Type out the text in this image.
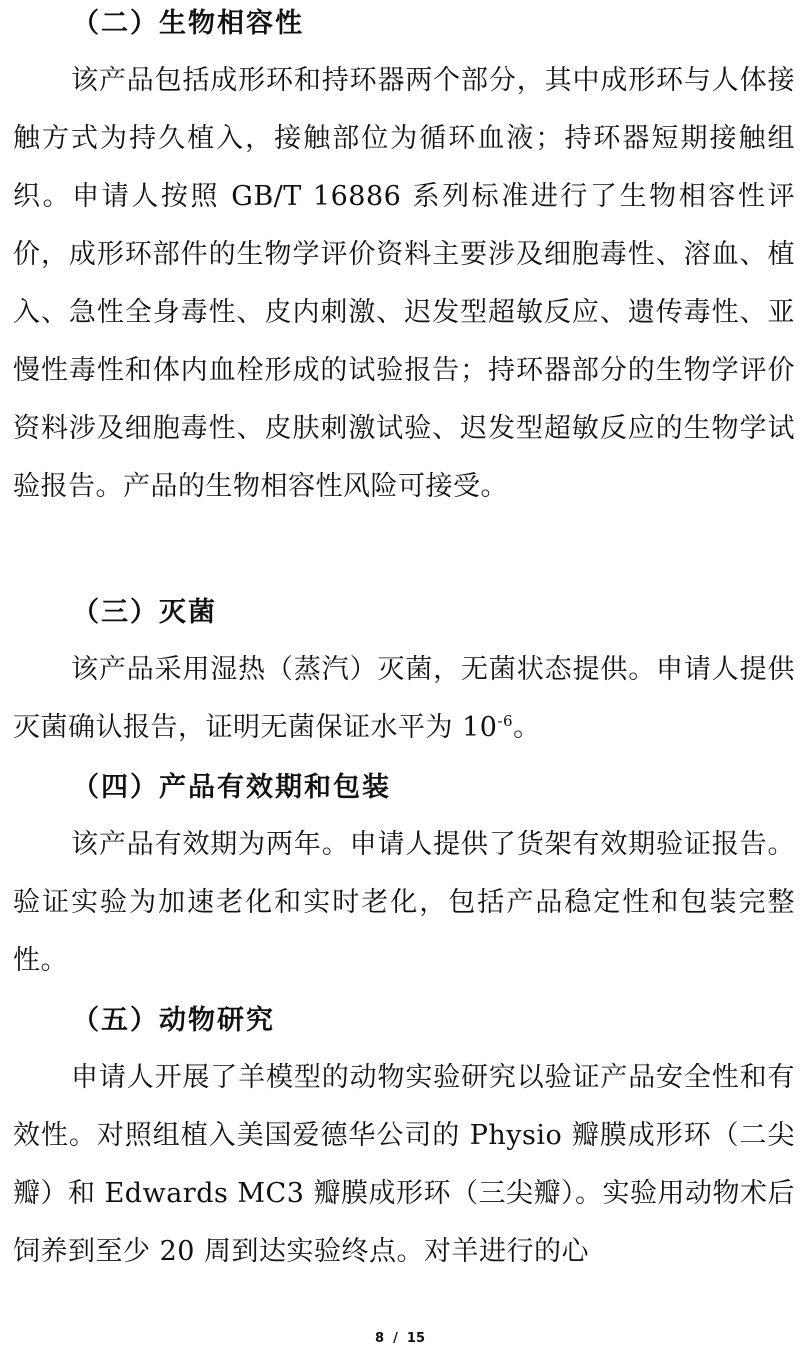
（二）生物相容性

该产品包括成形环和持环器两个部分，其中成形环与人体接触方式为持久植入，接触部位为循环血液；持环器短期接触组织。申请人按照 GB/T 16886 系列标准进行了生物相容性评价，成形环部件的生物学评价资料主要涉及细胞毒性、溶血、植入、急性全身毒性、皮内刺激、迟发型超敏反应、遗传毒性、亚慢性毒性和体内血栓形成的试验报告；持环器部分的生物学评价资料涉及细胞毒性、皮肤刺激试验、迟发型超敏反应的生物学试验报告。产品的生物相容性风险可接受。

（三）灭菌

该产品采用湿热（蒸汽）灭菌，无菌状态提供。申请人提供灭菌确认报告，证明无菌保证水平为 $10^{-6}$。

（四）产品有效期和包装

该产品有效期为两年。申请人提供了货架有效期验证报告。验证实验为加速老化和实时老化，包括产品稳定性和包装完整性。

（五）动物研究

申请人开展了羊模型的动物实验研究以验证产品安全性和有效性。对照组植入美国爱德华公司的 Physio 瓣膜成形环（二尖瓣）和 Edwards MC3 瓣膜成形环（三尖瓣）。实验用动物术后饲养到至少 20 周到达实验终点。对羊进行的心

8 / 15
